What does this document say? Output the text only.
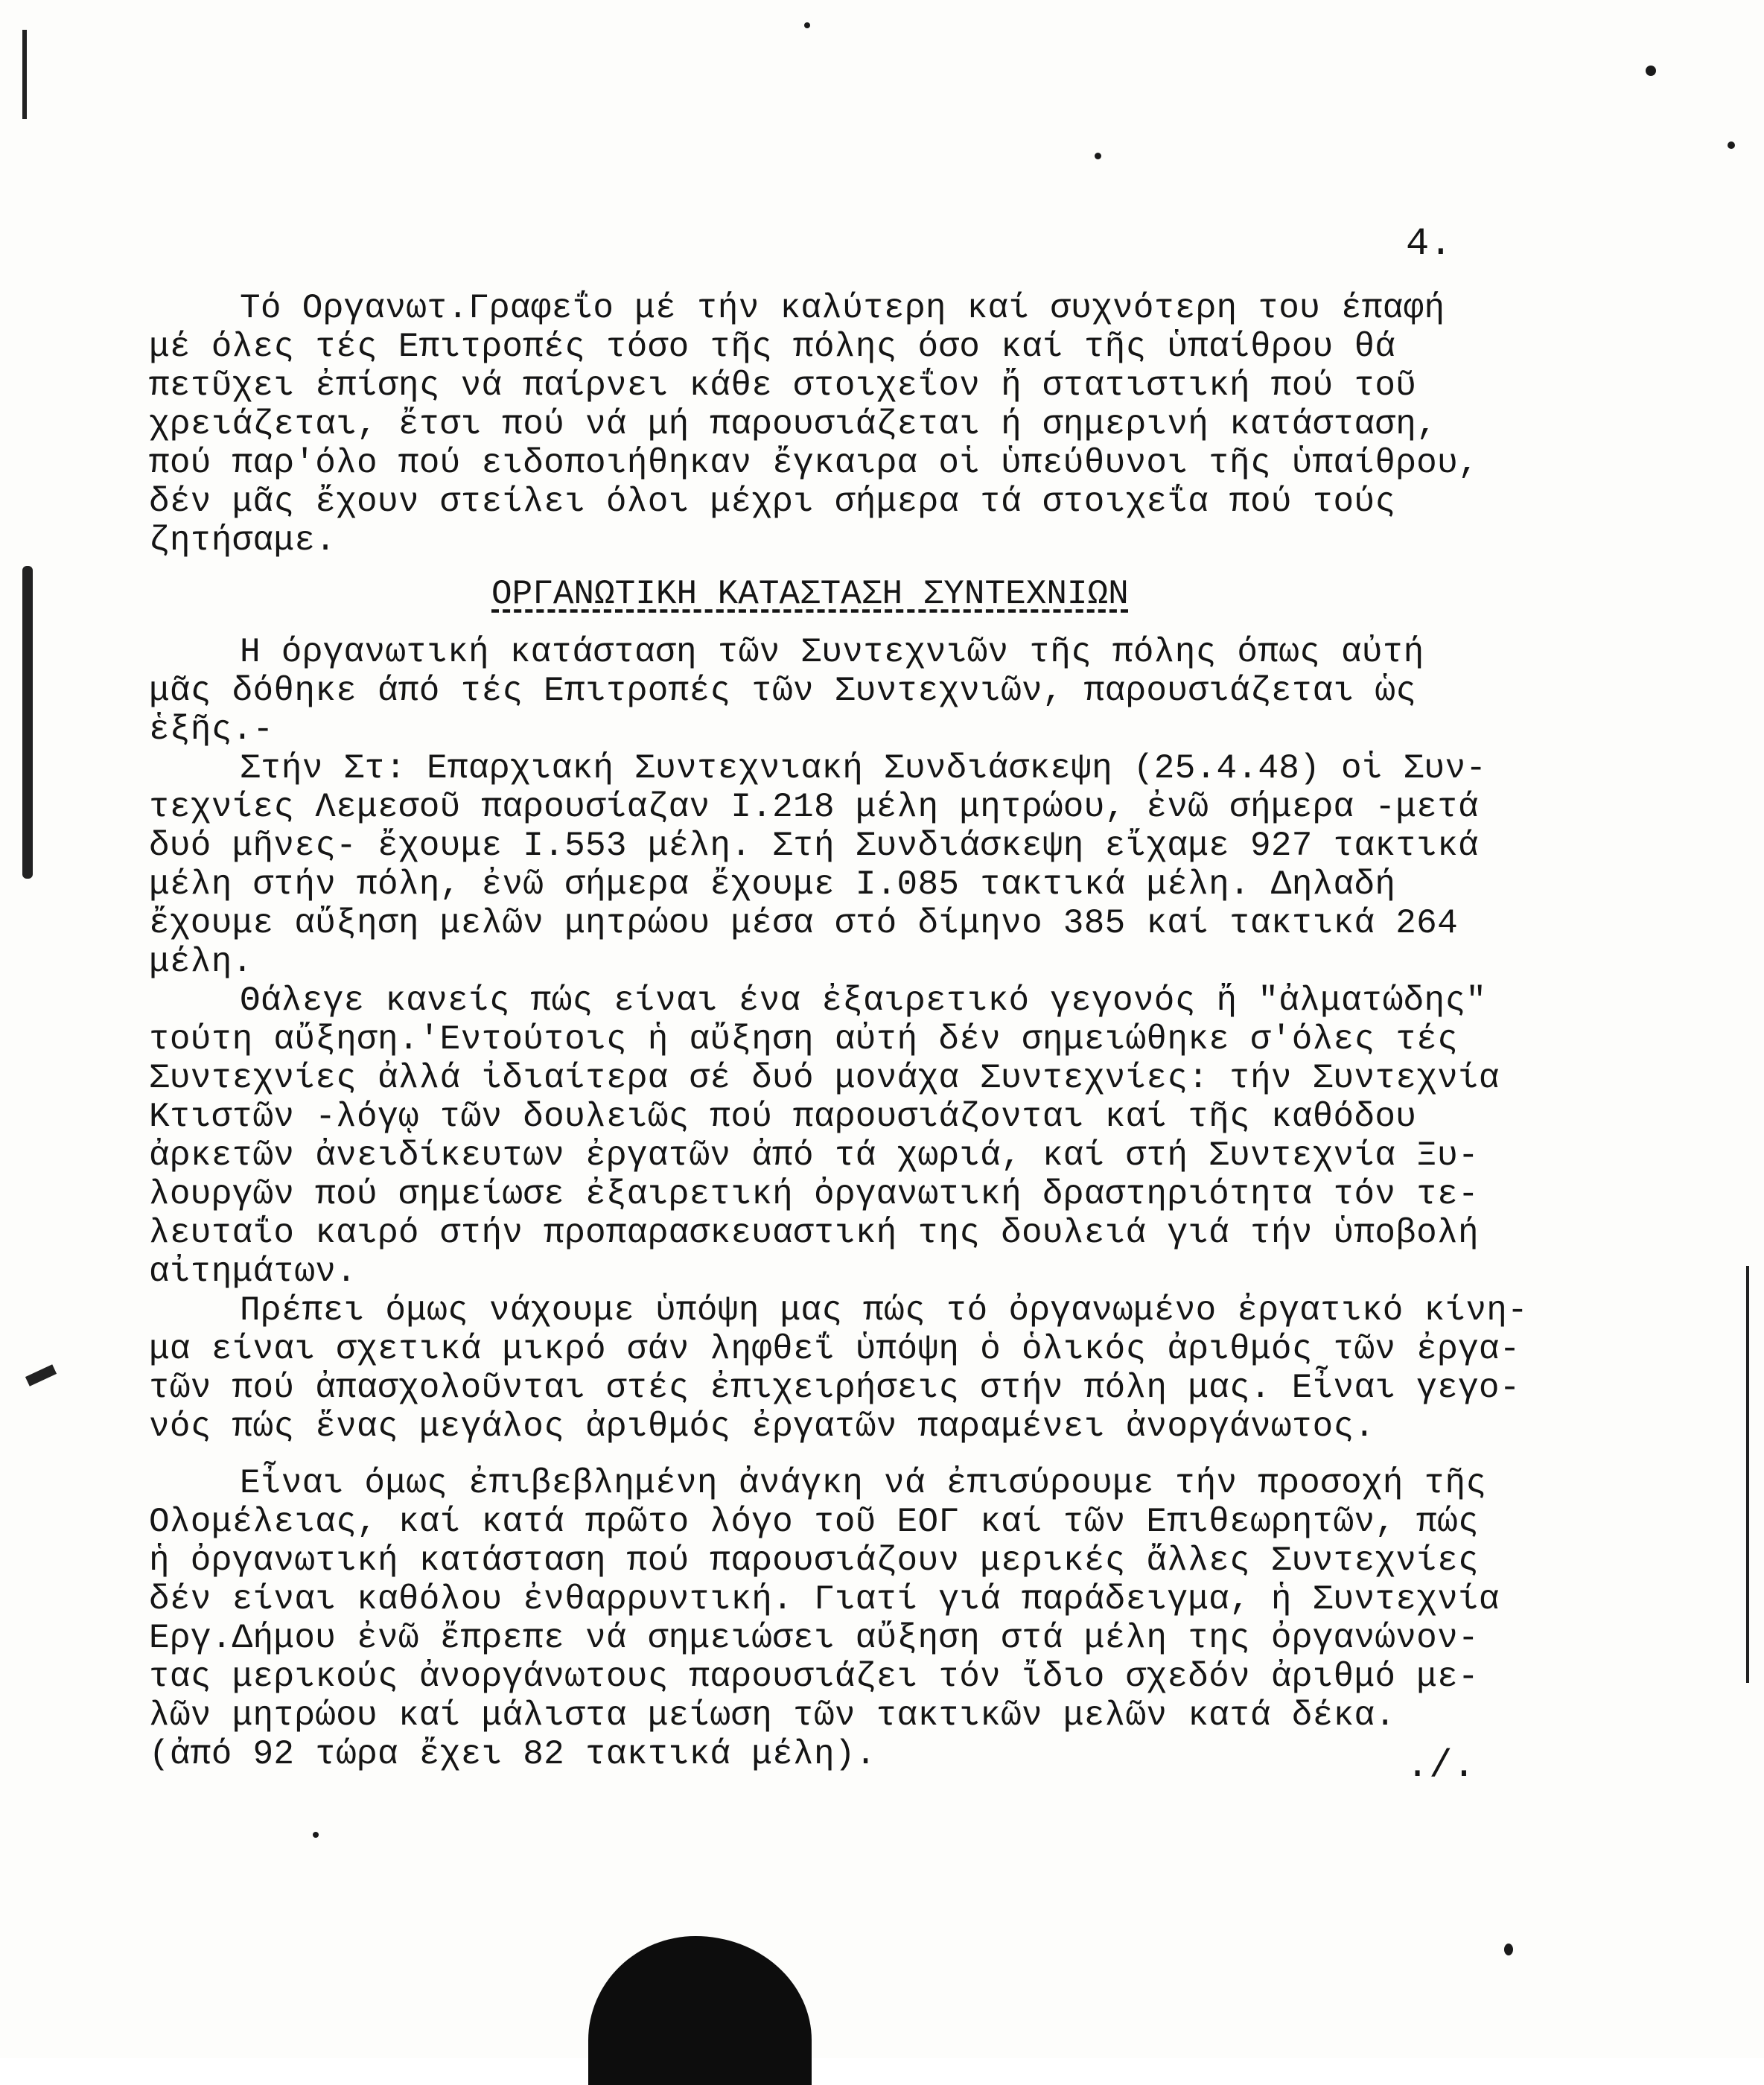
4.
Τό Οργανωτ.Γραφεΐο μέ τήν καλύτερη καί συχνότερη του έπαφή
μέ όλες τές Επιτροπές τόσο τῆς πόλης όσο καί τῆς ὑπαίθρου θά
πετῦχει ἐπίσης νά παίρνει κάθε στοιχεΐον ἤ στατιστική πού τοῦ
χρειάζεται, ἔτσι πού νά μή παρουσιάζεται ή σημερινή κατάσταση,
πού παρ'όλο πού ειδοποιήθηκαν ἔγκαιρα οἱ ὑπεύθυνοι τῆς ὑπαίθρου,
δέν μᾶς ἔχουν στείλει όλοι μέχρι σήμερα τά στοιχεΐα πού τούς
ζητήσαμε.
ΟΡΓΑΝΩΤΙΚΗ ΚΑΤΑΣΤΑΣΗ ΣΥΝΤΕΧΝΙΩΝ
Η όργανωτική κατάσταση τῶν Συντεχνιῶν τῆς πόλης όπως αὐτή
μᾶς δόθηκε άπό τές Επιτροπές τῶν Συντεχνιῶν, παρουσιάζεται ὡς
ἑξῆς.-
Στήν Στ: Επαρχιακή Συντεχνιακή Συνδιάσκεψη (25.4.48) οἱ Συν-
τεχνίες Λεμεσοῦ παρουσίαζαν Ι.218 μέλη μητρώου, ἐνῶ σήμερα -μετά
δυό μῆνες- ἔχουμε Ι.553 μέλη. Στή Συνδιάσκεψη εἴχαμε 927 τακτικά
μέλη στήν πόλη, ἐνῶ σήμερα ἔχουμε Ι.085 τακτικά μέλη. Δηλαδή
ἔχουμε αὔξηση μελῶν μητρώου μέσα στό δίμηνο 385 καί τακτικά 264
μέλη.
Θάλεγε κανείς πώς είναι ένα ἐξαιρετικό γεγονός ἤ "ἀλματώδης"
τούτη αὔξηση.'Εντούτοις ἡ αὔξηση αὐτή δέν σημειώθηκε σ'όλες τές
Συντεχνίες ἀλλά ἰδιαίτερα σέ δυό μονάχα Συντεχνίες: τήν Συντεχνία
Κτιστῶν -λόγῳ τῶν δουλειῶς πού παρουσιάζονται καί τῆς καθόδου
ἀρκετῶν ἀνειδίκευτων ἐργατῶν ἀπό τά χωριά, καί στή Συντεχνία Ξυ-
λουργῶν πού σημείωσε ἐξαιρετική ὀργανωτική δραστηριότητα τόν τε-
λευταΐο καιρό στήν προπαρασκευαστική της δουλειά γιά τήν ὑποβολή
αἰτημάτων.
Πρέπει όμως νάχουμε ὑπόψη μας πώς τό ὀργανωμένο ἐργατικό κίνη-
μα είναι σχετικά μικρό σάν ληφθεΐ ὑπόψη ὁ ὁλικός ἀριθμός τῶν ἐργα-
τῶν πού ἀπασχολοῦνται στές ἐπιχειρήσεις στήν πόλη μας. Εἶναι γεγο-
νός πώς ἕνας μεγάλος ἀριθμός ἐργατῶν παραμένει ἀνοργάνωτος.
Εἶναι όμως ἐπιβεβλημένη ἀνάγκη νά ἐπισύρουμε τήν προσοχή τῆς
Ολομέλειας, καί κατά πρῶτο λόγο τοῦ ΕΟΓ καί τῶν Επιθεωρητῶν, πώς
ἡ ὀργανωτική κατάσταση πού παρουσιάζουν μερικές ἄλλες Συντεχνίες
δέν είναι καθόλου ἐνθαρρυντική. Γιατί γιά παράδειγμα, ἡ Συντεχνία
Εργ.Δήμου ἐνῶ ἔπρεπε νά σημειώσει αὔξηση στά μέλη της ὀργανώνον-
τας μερικούς ἀνοργάνωτους παρουσιάζει τόν ἴδιο σχεδόν ἀριθμό με-
λῶν μητρώου καί μάλιστα μείωση τῶν τακτικῶν μελῶν κατά δέκα.
(ἀπό 92 τώρα ἔχει 82 τακτικά μέλη).	./.
